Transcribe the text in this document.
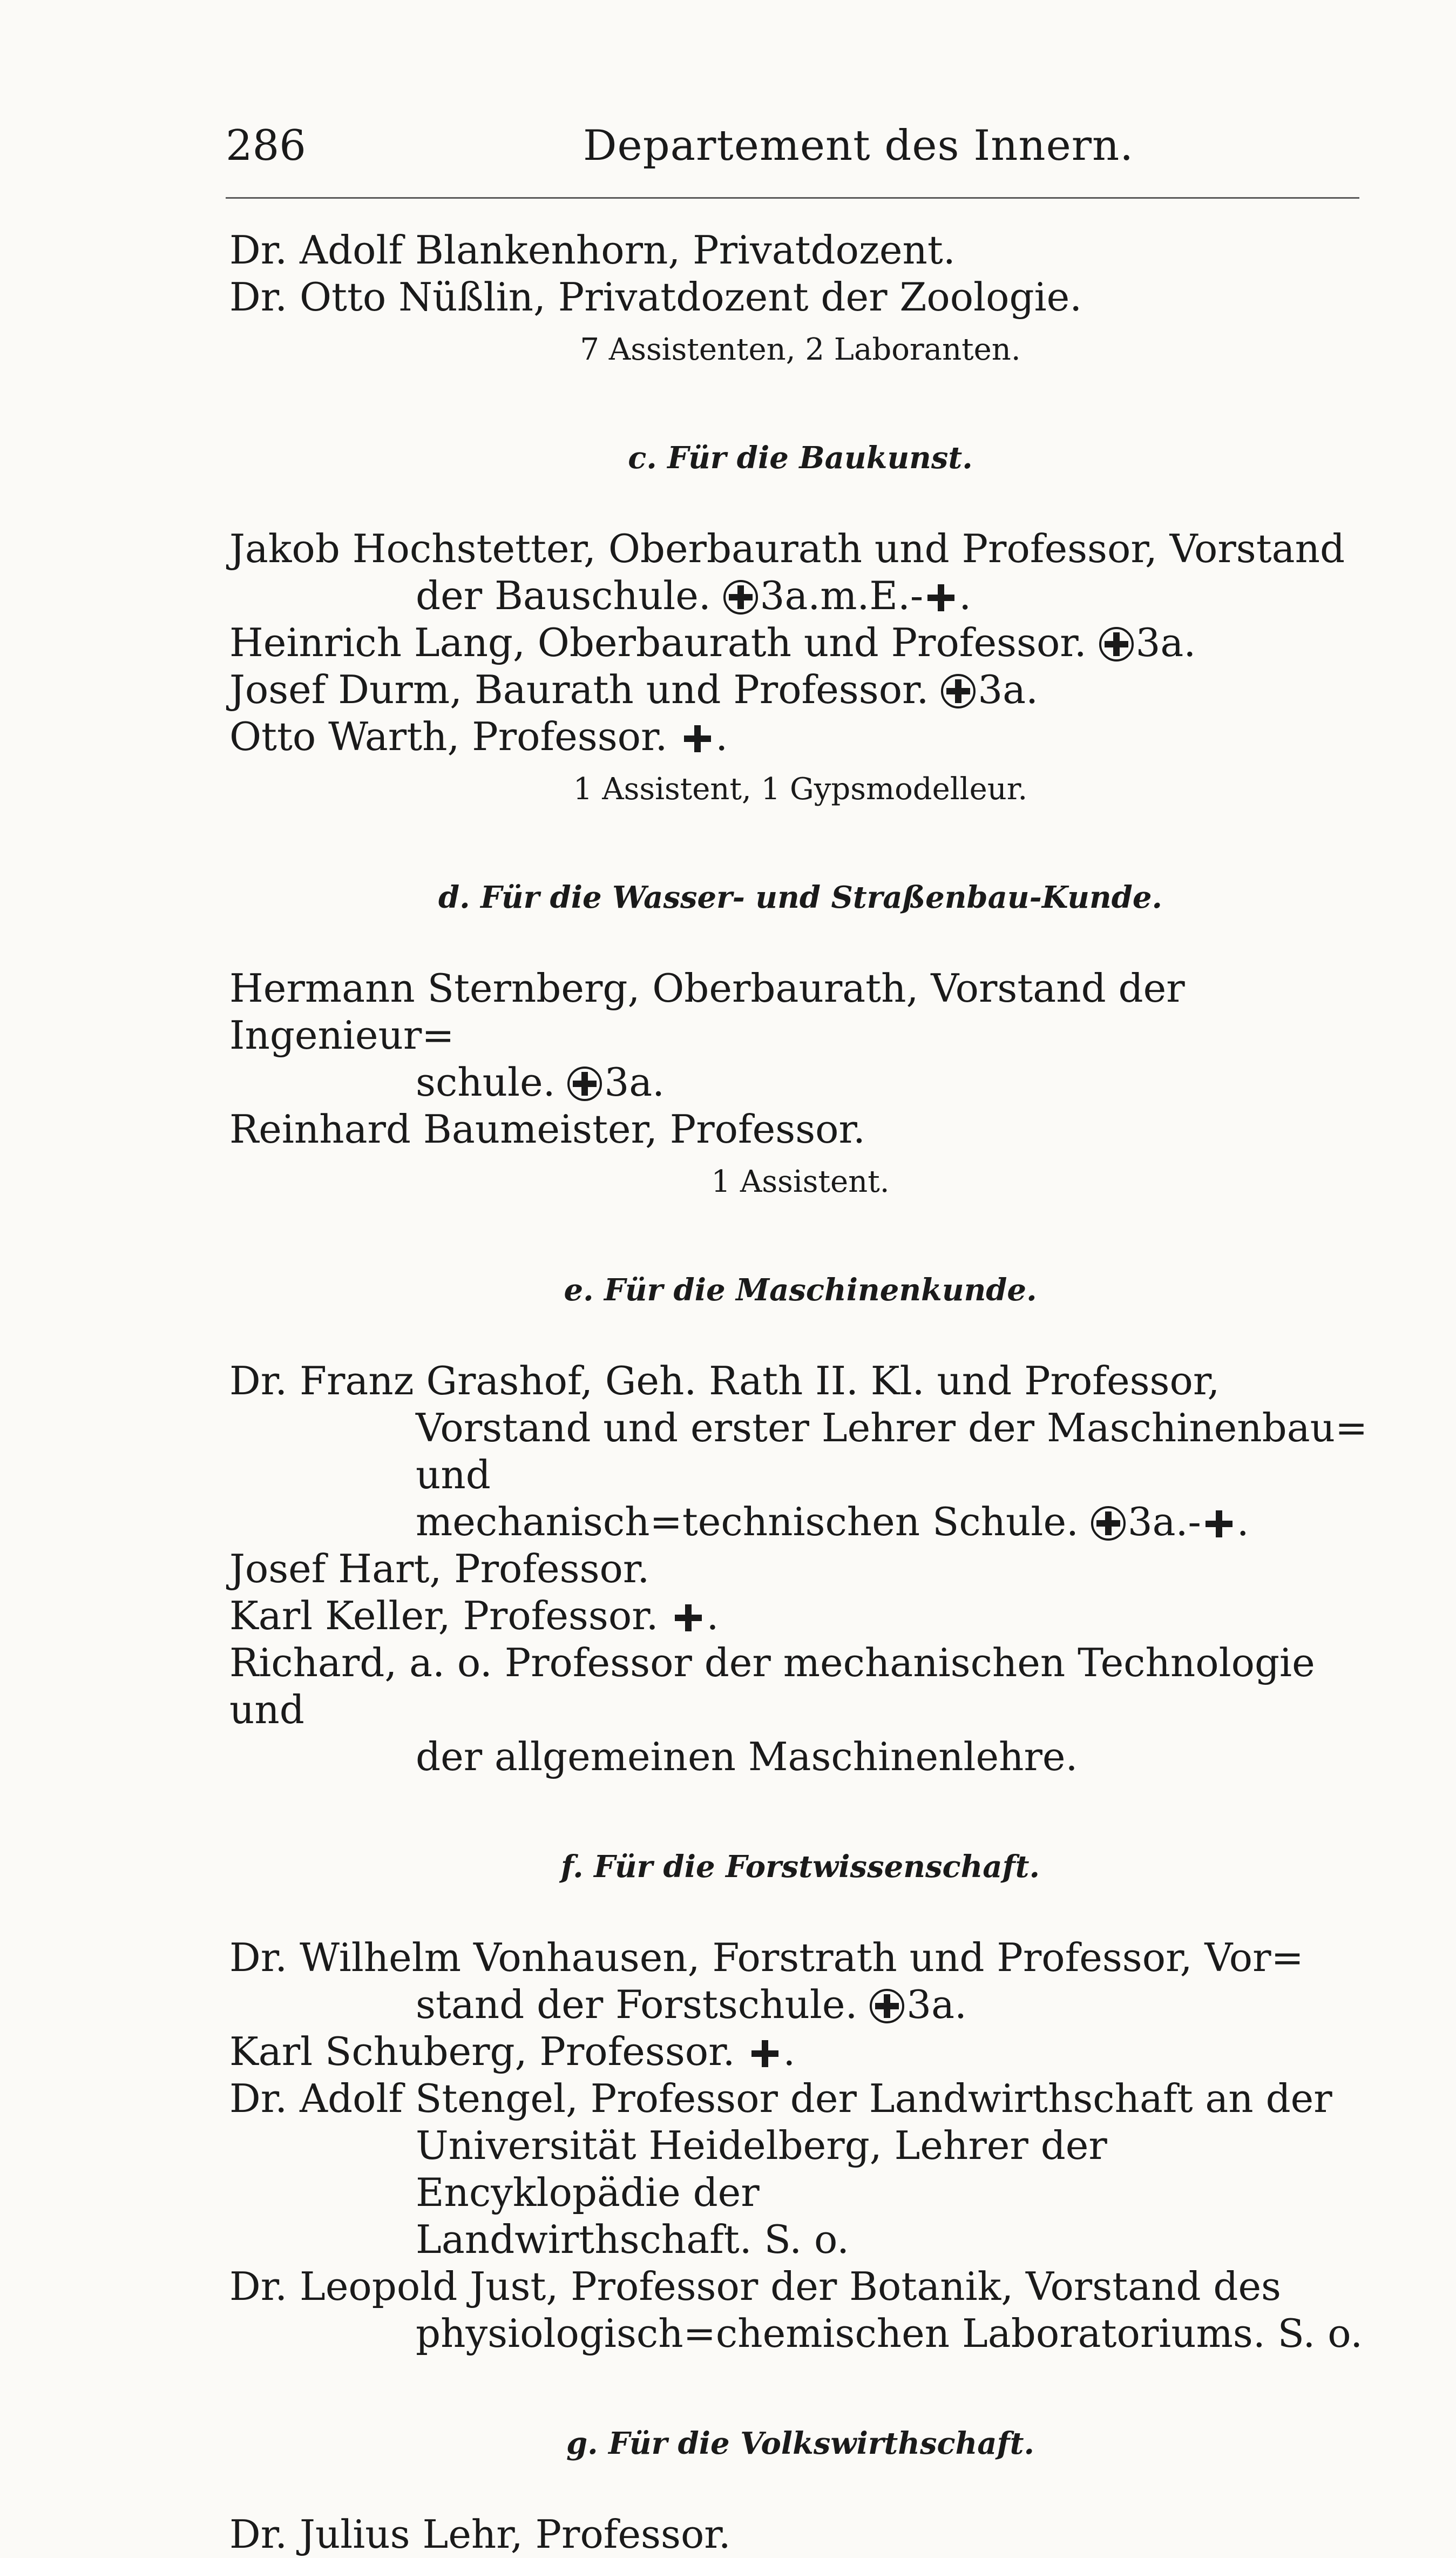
286	Departement des Innern.

Dr. Adolf Blankenhorn, Privatdozent.

Dr. Otto Nüßlin, Privatdozent der Zoologie.

7 Assistenten, 2 Laboranten.

c. Für die Baukunst.

Jakob Hochstetter, Oberbaurath und Professor, Vorstand

der Bauschule. 3a.m.E.- .

Heinrich Lang, Oberbaurath und Professor. 3a.

Josef Durm, Baurath und Professor. 3a.

Otto Warth, Professor. .

1 Assistent, 1 Gypsmodelleur.

d. Für die Wasser- und Straßenbau-Kunde.

Hermann Sternberg, Oberbaurath, Vorstand der Ingenieur=

schule. 3a.

Reinhard Baumeister, Professor.

1 Assistent.

e. Für die Maschinenkunde.

Dr. Franz Grashof, Geh. Rath II. Kl. und Professor,

Vorstand und erster Lehrer der Maschinenbau= und

mechanisch=technischen Schule. 3a.- .

Josef Hart, Professor.

Karl Keller, Professor. .

Richard, a. o. Professor der mechanischen Technologie und

der allgemeinen Maschinenlehre.

f. Für die Forstwissenschaft.

Dr. Wilhelm Vonhausen, Forstrath und Professor, Vor=

stand der Forstschule. 3a.

Karl Schuberg, Professor. .

Dr. Adolf Stengel, Professor der Landwirthschaft an der

Universität Heidelberg, Lehrer der Encyklopädie der

Landwirthschaft. S. o.

Dr. Leopold Just, Professor der Botanik, Vorstand des

physiologisch=chemischen Laboratoriums. S. o.

g. Für die Volkswirthschaft.

Dr. Julius Lehr, Professor.
